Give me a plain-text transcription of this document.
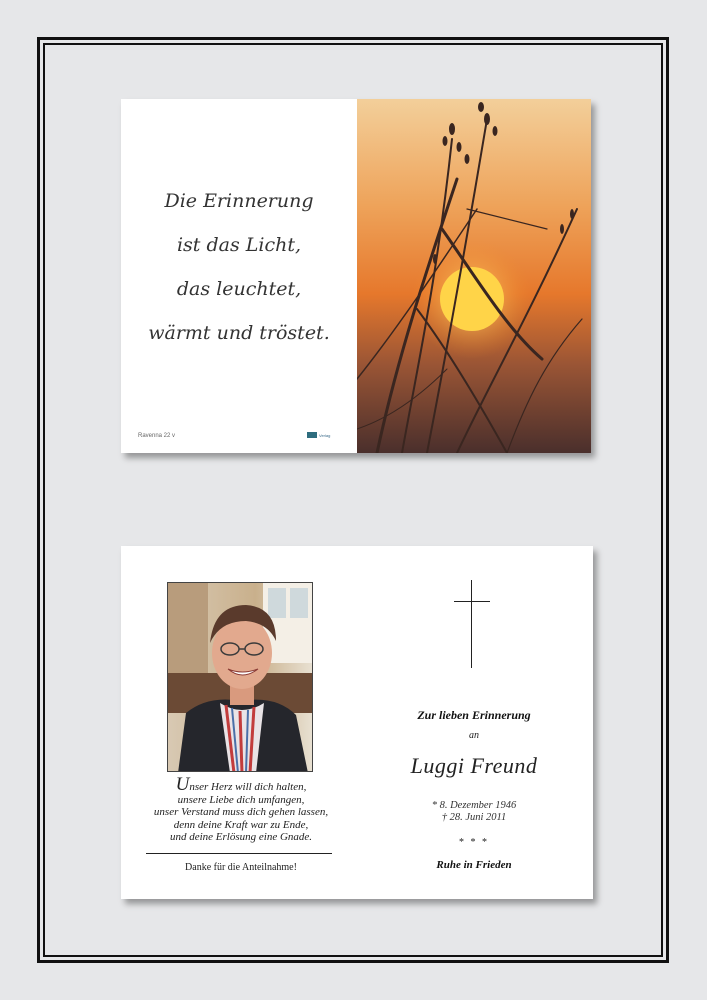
Die Erinnerung
ist das Licht,
das leuchtet,
wärmt und tröstet.
Ravenna 22 v	Verlag
Unser Herz will dich halten,
unsere Liebe dich umfangen,
unser Verstand muss dich gehen lassen,
denn deine Kraft war zu Ende,
und deine Erlösung eine Gnade.
Danke für die Anteilnahme!
Zur lieben Erinnerung
an
Luggi Freund
* 8. Dezember 1946
† 28. Juni 2011
* * *
Ruhe in Frieden
